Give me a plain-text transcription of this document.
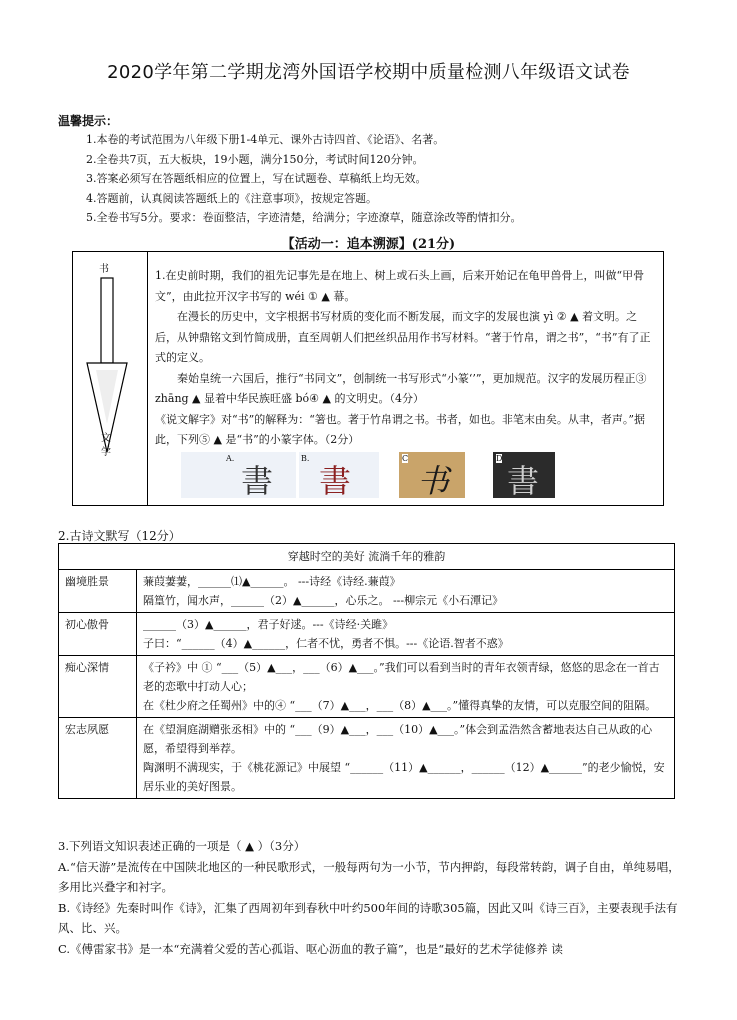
2020学年第二学期龙湾外国语学校期中质量检测八年级语文试卷
温馨提示：
1.本卷的考试范围为八年级下册1-4单元、课外古诗四首、《论语》、名著。
2.全卷共7页，五大板块，19小题，满分150分，考试时间120分钟。
3.答案必须写在答题纸相应的位置上，写在试题卷、草稿纸上均无效。
4.答题前，认真阅读答题纸上的《注意事项》，按规定答题。
5.全卷书写5分。要求：卷面整洁，字迹清楚，给满分；字迹潦草，随意涂改等酌情扣分。
【活动一：追本溯源】(21分)
书
文学

1.在史前时期，我们的祖先记事先是在地上、树上或石头上画，后来开始记在龟甲兽骨上，叫做“甲骨文”，由此拉开汉字书写的 wéi ① ▲ 幕。

在漫长的历史中，文字根据书写材质的变化而不断发展，而文字的发展也演 yì ② ▲ 着文明。之后，从钟鼎铭文到竹简成册，直至周朝人们把丝织品用作书写材料。“著于竹帛，谓之书”，“书”有了正式的定义。

秦始皇统一六国后，推行“书同文”，创制统一书写形式“小篆‘’”，更加规范。汉字的发展历程正③ zhāng ▲ 显着中华民族旺盛 bó④ ▲ 的文明史。（4分）

《说文解字》对“书”的解释为：“箸也。著于竹帛谓之书。书者，如也。非笔末由矣。从聿，者声。”据此，下列⑤ ▲ 是“书”的小篆字体。（2分）

A.
書
B.
書
C
书
D
書
2.古诗文默写（12分）
穿越时空的美好 流淌千年的雅韵	
幽境胜景	蒹葭萋萋，______⑴▲______。 ---诗经《诗经.蒹葭》
隔篁竹，闻水声，______（2）▲______，心乐之。 ---柳宗元《小石潭记》

初心傲骨	______（3）▲______，君子好逑。---《诗经·关雎》
子曰：“______（4）▲______，仁者不忧，勇者不惧。---《论语.智者不惑》

痴心深情	《子衿》中 ① “___（5）▲___，___（6）▲___。”我们可以看到当时的青年衣领青绿，悠悠的思念在一首古老的恋歌中打动人心；
在《杜少府之任蜀州》中的④ “___（7）▲___，___（8）▲___。”懂得真挚的友情，可以克服空间的阻隔。

宏志夙愿	在《望洞庭湖赠张丞相》中的 “___（9）▲___，___（10）▲___。”体会到孟浩然含蓄地表达自己从政的心愿，希望得到举荐。
陶渊明不满现实，于《桃花源记》中展望 “______（11）▲______，______（12）▲______”的老少愉悦，安居乐业的美好图景。

3.下列语文知识表述正确的一项是（ ▲ ）（3分）

A.“信天游”是流传在中国陕北地区的一种民歌形式，一般每两句为一小节，节内押韵，每段常转韵，调子自由，单纯易唱，多用比兴叠字和衬字。

B.《诗经》先秦时叫作《诗》，汇集了西周初年到春秋中叶约500年间的诗歌305篇，因此又叫《诗三百》，主要表现手法有风、比、兴。

C.《傅雷家书》是一本“充满着父爱的苦心孤诣、呕心沥血的教子篇”，也是“最好的艺术学徒修养 读
